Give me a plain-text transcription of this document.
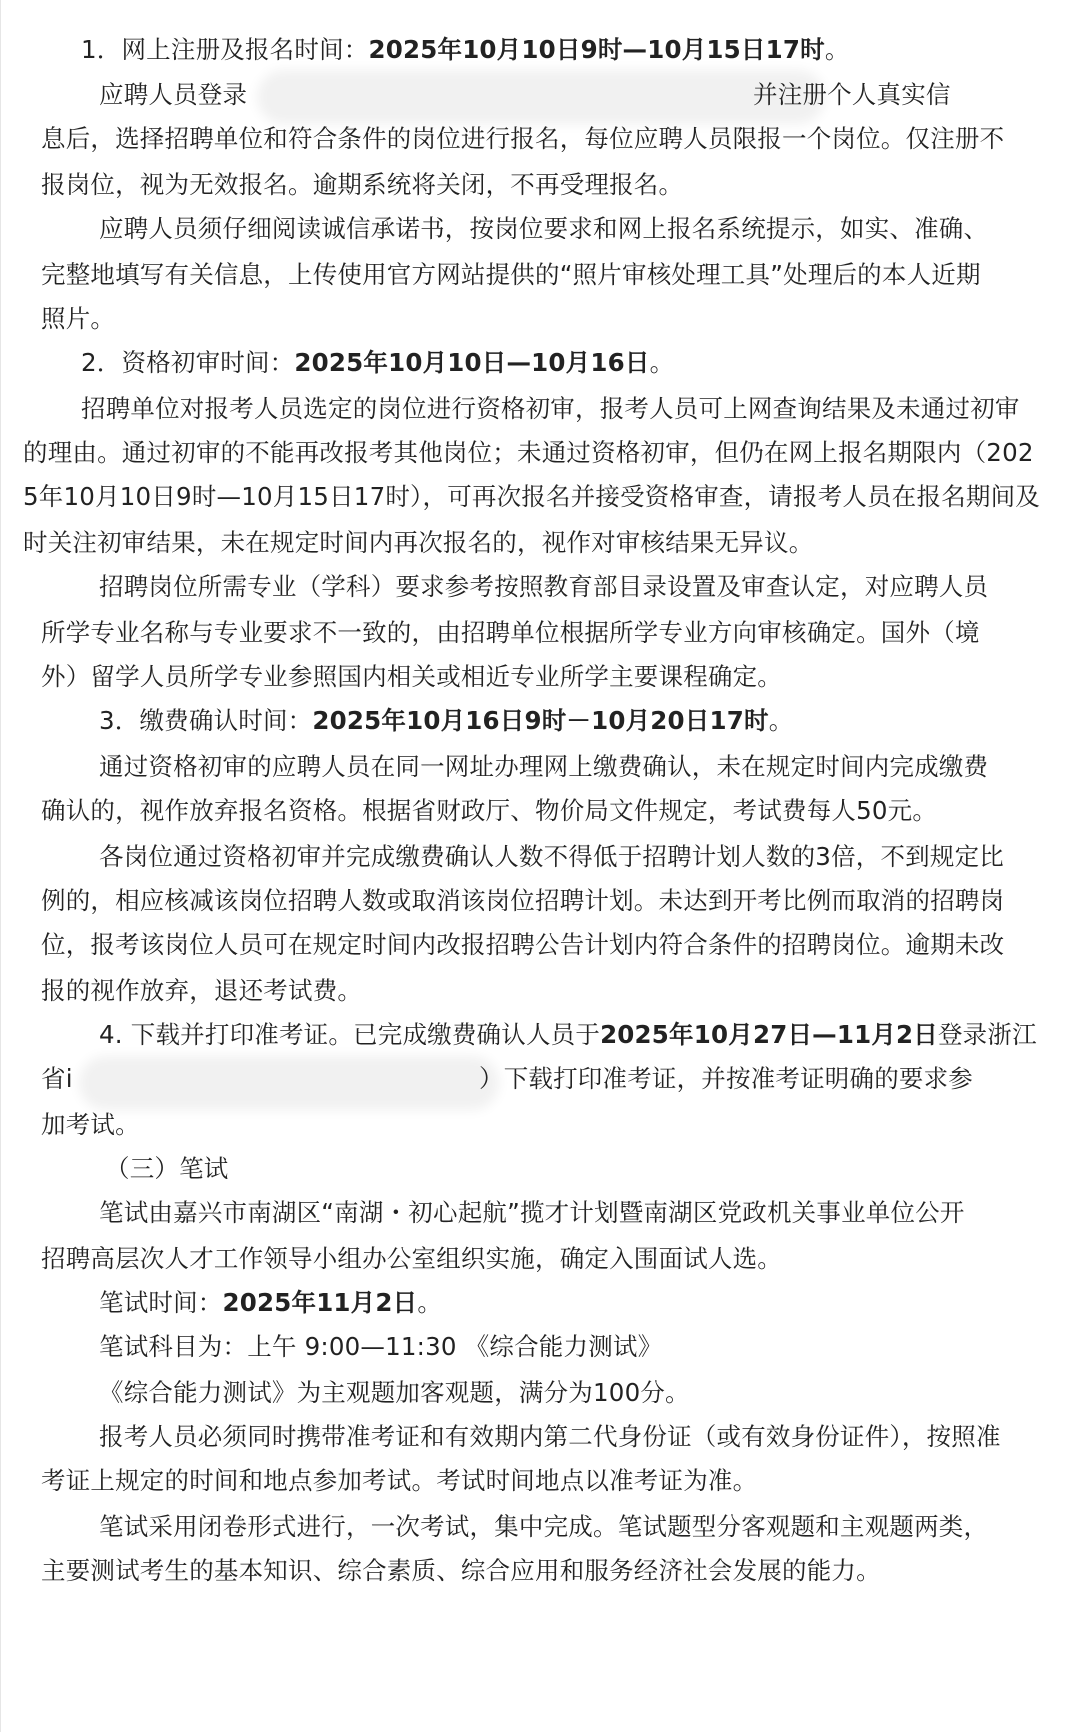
1．网上注册及报名时间：2025年10月10日9时—10月15日17时。
应聘人员登录	并注册个人真实信
息后，选择招聘单位和符合条件的岗位进行报名，每位应聘人员限报一个岗位。仅注册不
报岗位，视为无效报名。逾期系统将关闭，不再受理报名。
应聘人员须仔细阅读诚信承诺书，按岗位要求和网上报名系统提示，如实、准确、
完整地填写有关信息，上传使用官方网站提供的“照片审核处理工具”处理后的本人近期
照片。
2．资格初审时间：2025年10月10日—10月16日。
招聘单位对报考人员选定的岗位进行资格初审，报考人员可上网查询结果及未通过初审
的理由。通过初审的不能再改报考其他岗位；未通过资格初审，但仍在网上报名期限内（202
5年10月10日9时—10月15日17时），可再次报名并接受资格审查，请报考人员在报名期间及
时关注初审结果，未在规定时间内再次报名的，视作对审核结果无异议。
招聘岗位所需专业（学科）要求参考按照教育部目录设置及审查认定，对应聘人员
所学专业名称与专业要求不一致的，由招聘单位根据所学专业方向审核确定。国外（境
外）留学人员所学专业参照国内相关或相近专业所学主要课程确定。
3．缴费确认时间：2025年10月16日9时－10月20日17时。
通过资格初审的应聘人员在同一网址办理网上缴费确认，未在规定时间内完成缴费
确认的，视作放弃报名资格。根据省财政厅、物价局文件规定，考试费每人50元。
各岗位通过资格初审并完成缴费确认人数不得低于招聘计划人数的3倍，不到规定比
例的，相应核减该岗位招聘人数或取消该岗位招聘计划。未达到开考比例而取消的招聘岗
位，报考该岗位人员可在规定时间内改报招聘公告计划内符合条件的招聘岗位。逾期未改
报的视作放弃，退还考试费。
4. 下载并打印准考证。已完成缴费确认人员于2025年10月27日—11月2日登录浙江
省i	）下载打印准考证，并按准考证明确的要求参
加考试。
（三）笔试
笔试由嘉兴市南湖区“南湖・初心起航”揽才计划暨南湖区党政机关事业单位公开
招聘高层次人才工作领导小组办公室组织实施，确定入围面试人选。
笔试时间：2025年11月2日。
笔试科目为：上午 9:00—11:30 《综合能力测试》
《综合能力测试》为主观题加客观题，满分为100分。
报考人员必须同时携带准考证和有效期内第二代身份证（或有效身份证件），按照准
考证上规定的时间和地点参加考试。考试时间地点以准考证为准。
笔试采用闭卷形式进行，一次考试，集中完成。笔试题型分客观题和主观题两类，
主要测试考生的基本知识、综合素质、综合应用和服务经济社会发展的能力。
